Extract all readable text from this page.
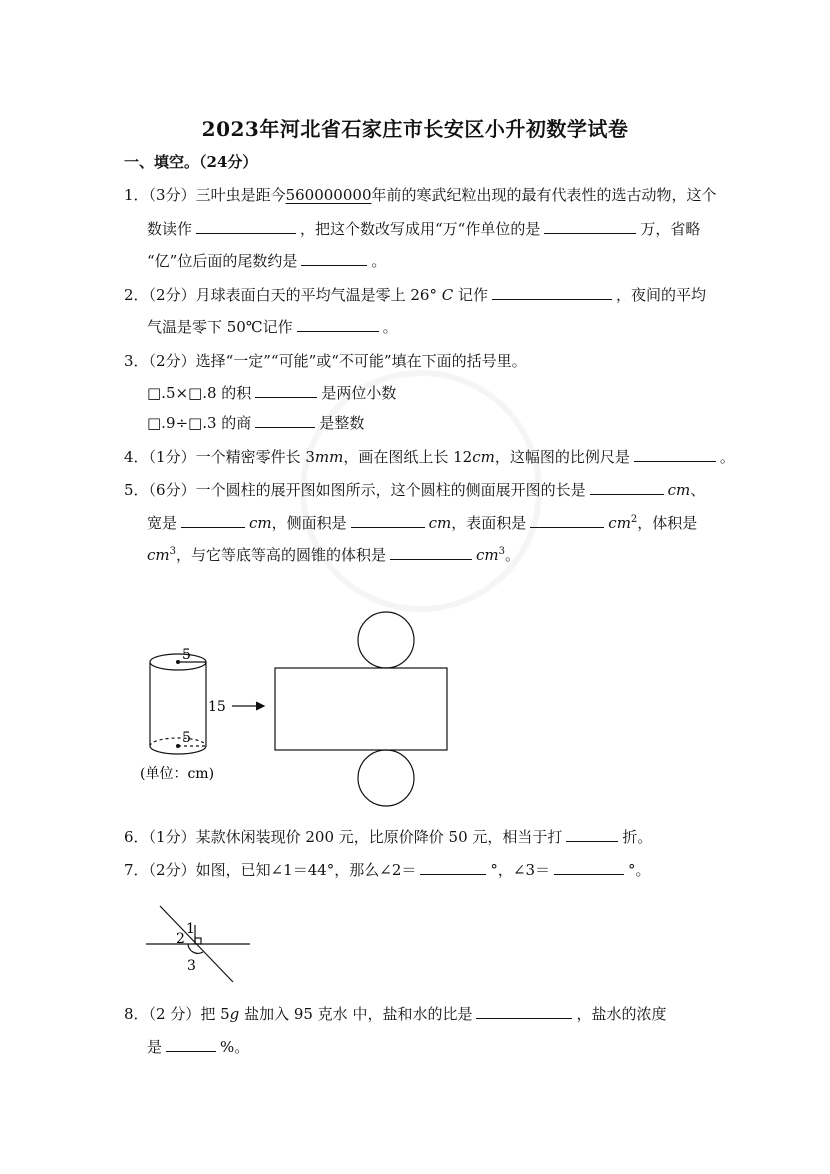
2023年河北省石家庄市长安区小升初数学试卷
一、填空。（24分）
1．（3分）三叶虫是距今560000000年前的寒武纪粒出现的最有代表性的选古动物，这个
数读作	，把这个数改写成用“万“作单位的是	万，省略
“亿”位后面的尾数约是	。
2．（2分）月球表面白天的平均气温是零上 26° C 记作	，夜间的平均
气温是零下 50℃记作	。
3．（2分）选择“一定”“可能”或“不可能”填在下面的括号里。
□.5×□.8 的积	是两位小数
□.9÷□.3 的商	是整数
4．（1分）一个精密零件长 3mm，画在图纸上长 12cm，这幅图的比例尺是	。
5．（6分）一个圆柱的展开图如图所示，这个圆柱的侧面展开图的长是	cm、
宽是	cm，侧面积是	cm，表面积是	$cm^2$，体积是
$cm^3$，与它等底等高的圆锥的体积是	$cm^3$。
5
5
15
(单位：cm)
6．（1分）某款休闲装现价 200 元，比原价降价 50 元，相当于打	折。
7．（2分）如图，已知∠1＝44°，那么∠2＝	°，∠3＝	°。
1
2
3
8．（2 分）把 5g 盐加入 95 克水 中，盐和水的比是	，盐水的浓度
是	%。
